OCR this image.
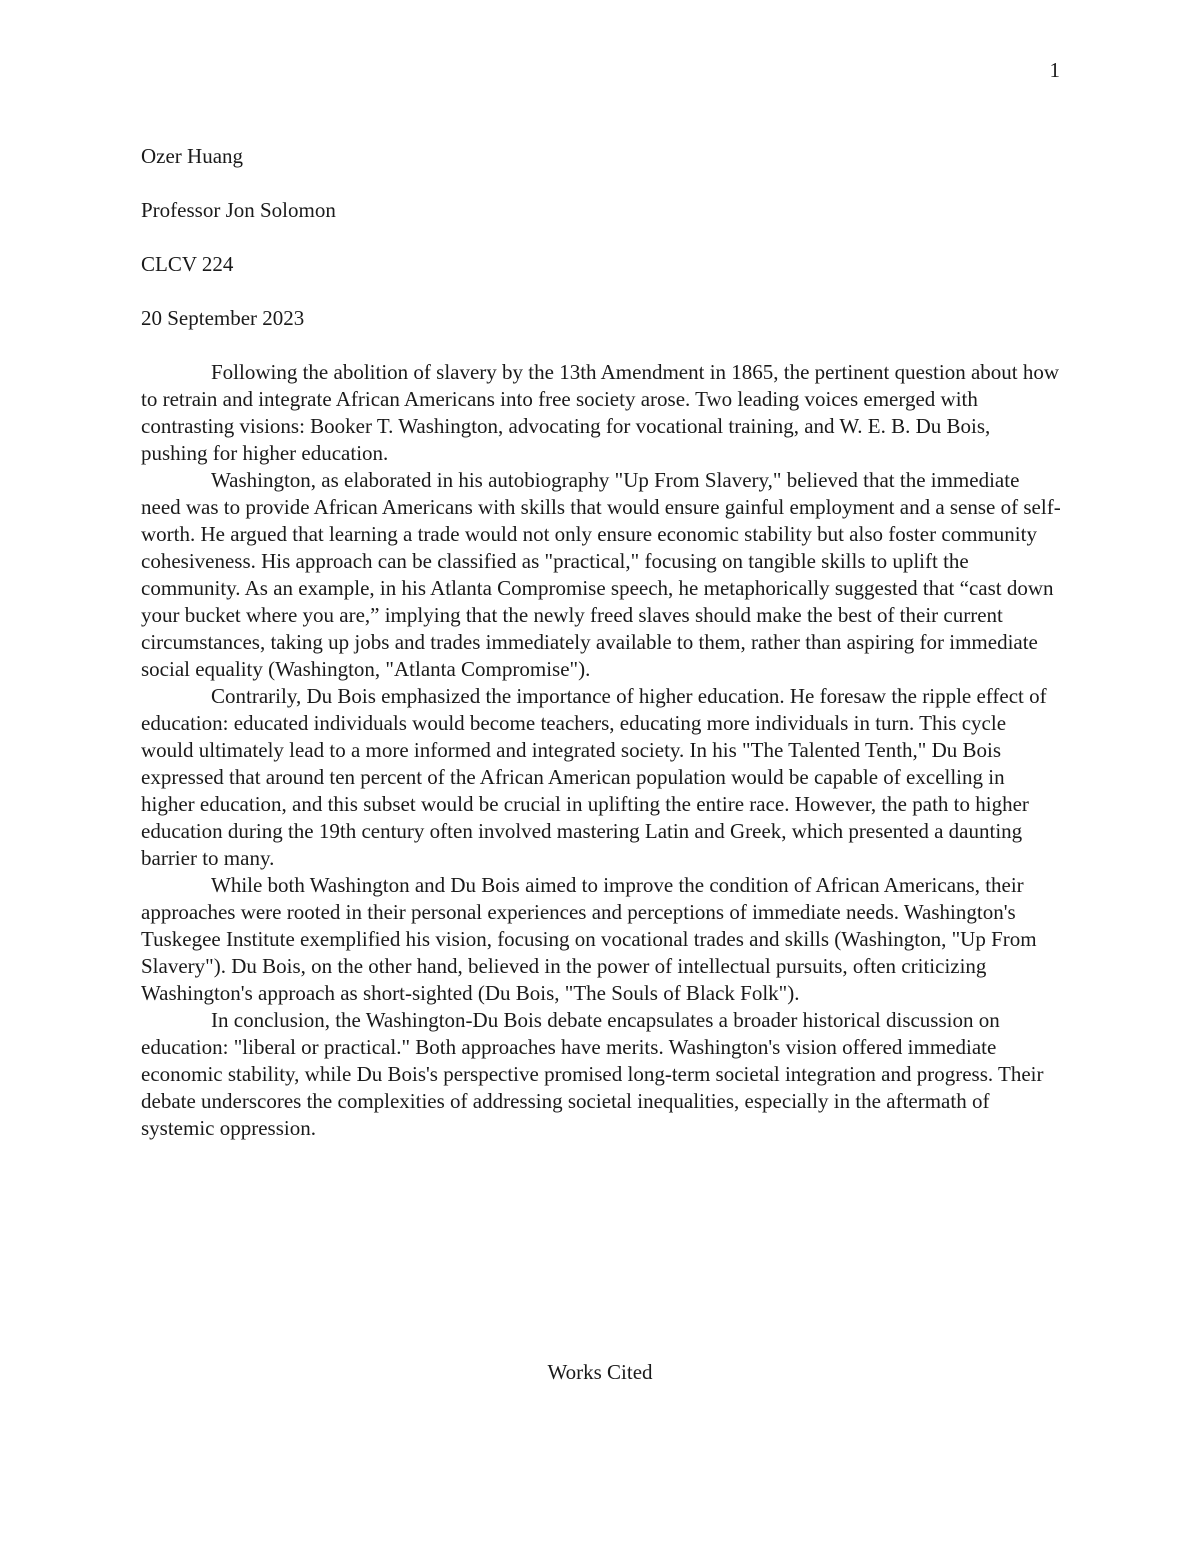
1

Ozer Huang

Professor Jon Solomon

CLCV 224

20 September 2023

Following the abolition of slavery by the 13th Amendment in 1865, the pertinent question about how to retrain and integrate African Americans into free society arose. Two leading voices emerged with contrasting visions: Booker T. Washington, advocating for vocational training, and W. E. B. Du Bois, pushing for higher education.

Washington, as elaborated in his autobiography "Up From Slavery," believed that the immediate need was to provide African Americans with skills that would ensure gainful employment and a sense of self-worth. He argued that learning a trade would not only ensure economic stability but also foster community cohesiveness. His approach can be classified as "practical," focusing on tangible skills to uplift the community. As an example, in his Atlanta Compromise speech, he metaphorically suggested that “cast down your bucket where you are,” implying that the newly freed slaves should make the best of their current circumstances, taking up jobs and trades immediately available to them, rather than aspiring for immediate social equality (Washington, "Atlanta Compromise").

Contrarily, Du Bois emphasized the importance of higher education. He foresaw the ripple effect of education: educated individuals would become teachers, educating more individuals in turn. This cycle would ultimately lead to a more informed and integrated society. In his "The Talented Tenth," Du Bois expressed that around ten percent of the African American population would be capable of excelling in higher education, and this subset would be crucial in uplifting the entire race. However, the path to higher education during the 19th century often involved mastering Latin and Greek, which presented a daunting barrier to many.

While both Washington and Du Bois aimed to improve the condition of African Americans, their approaches were rooted in their personal experiences and perceptions of immediate needs. Washington's Tuskegee Institute exemplified his vision, focusing on vocational trades and skills (Washington, "Up From Slavery"). Du Bois, on the other hand, believed in the power of intellectual pursuits, often criticizing Washington's approach as short-sighted (Du Bois, "The Souls of Black Folk").

In conclusion, the Washington-Du Bois debate encapsulates a broader historical discussion on education: "liberal or practical." Both approaches have merits. Washington's vision offered immediate economic stability, while Du Bois's perspective promised long-term societal integration and progress. Their debate underscores the complexities of addressing societal inequalities, especially in the aftermath of systemic oppression.

Works Cited
